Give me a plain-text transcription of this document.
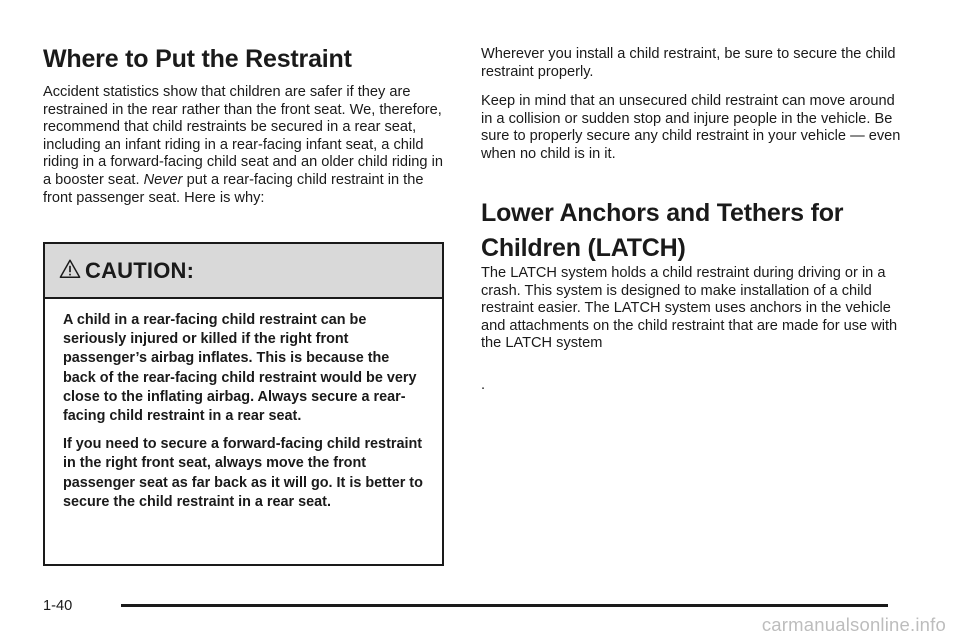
Where to Put the Restraint

Accident statistics show that children are safer if they are restrained in the rear rather than the front seat. We, therefore, recommend that child restraints be secured in a rear seat, including an infant riding in a rear-facing infant seat, a child riding in a forward-facing child seat and an older child riding in a booster seat. Never put a rear-facing child restraint in the front passenger seat. Here is why:

CAUTION:

A child in a rear-facing child restraint can be seriously injured or killed if the right front passenger’s airbag inflates. This is because the back of the rear-facing child restraint would be very close to the inflating airbag. Always secure a rear-facing child restraint in a rear seat.

If you need to secure a forward-facing child restraint in the right front seat, always move the front passenger seat as far back as it will go. It is better to secure the child restraint in a rear seat.

Wherever you install a child restraint, be sure to secure the child restraint properly.

Keep in mind that an unsecured child restraint can move around in a collision or sudden stop and injure people in the vehicle. Be sure to properly secure any child restraint in your vehicle — even when no child is in it.

Lower Anchors and Tethers for Children (LATCH)

The LATCH system holds a child restraint during driving or in a crash. This system is designed to make installation of a child restraint easier. The LATCH system uses anchors in the vehicle and attachments on the child restraint that are made for use with the LATCH system

.

1-40
carmanualsonline.info
